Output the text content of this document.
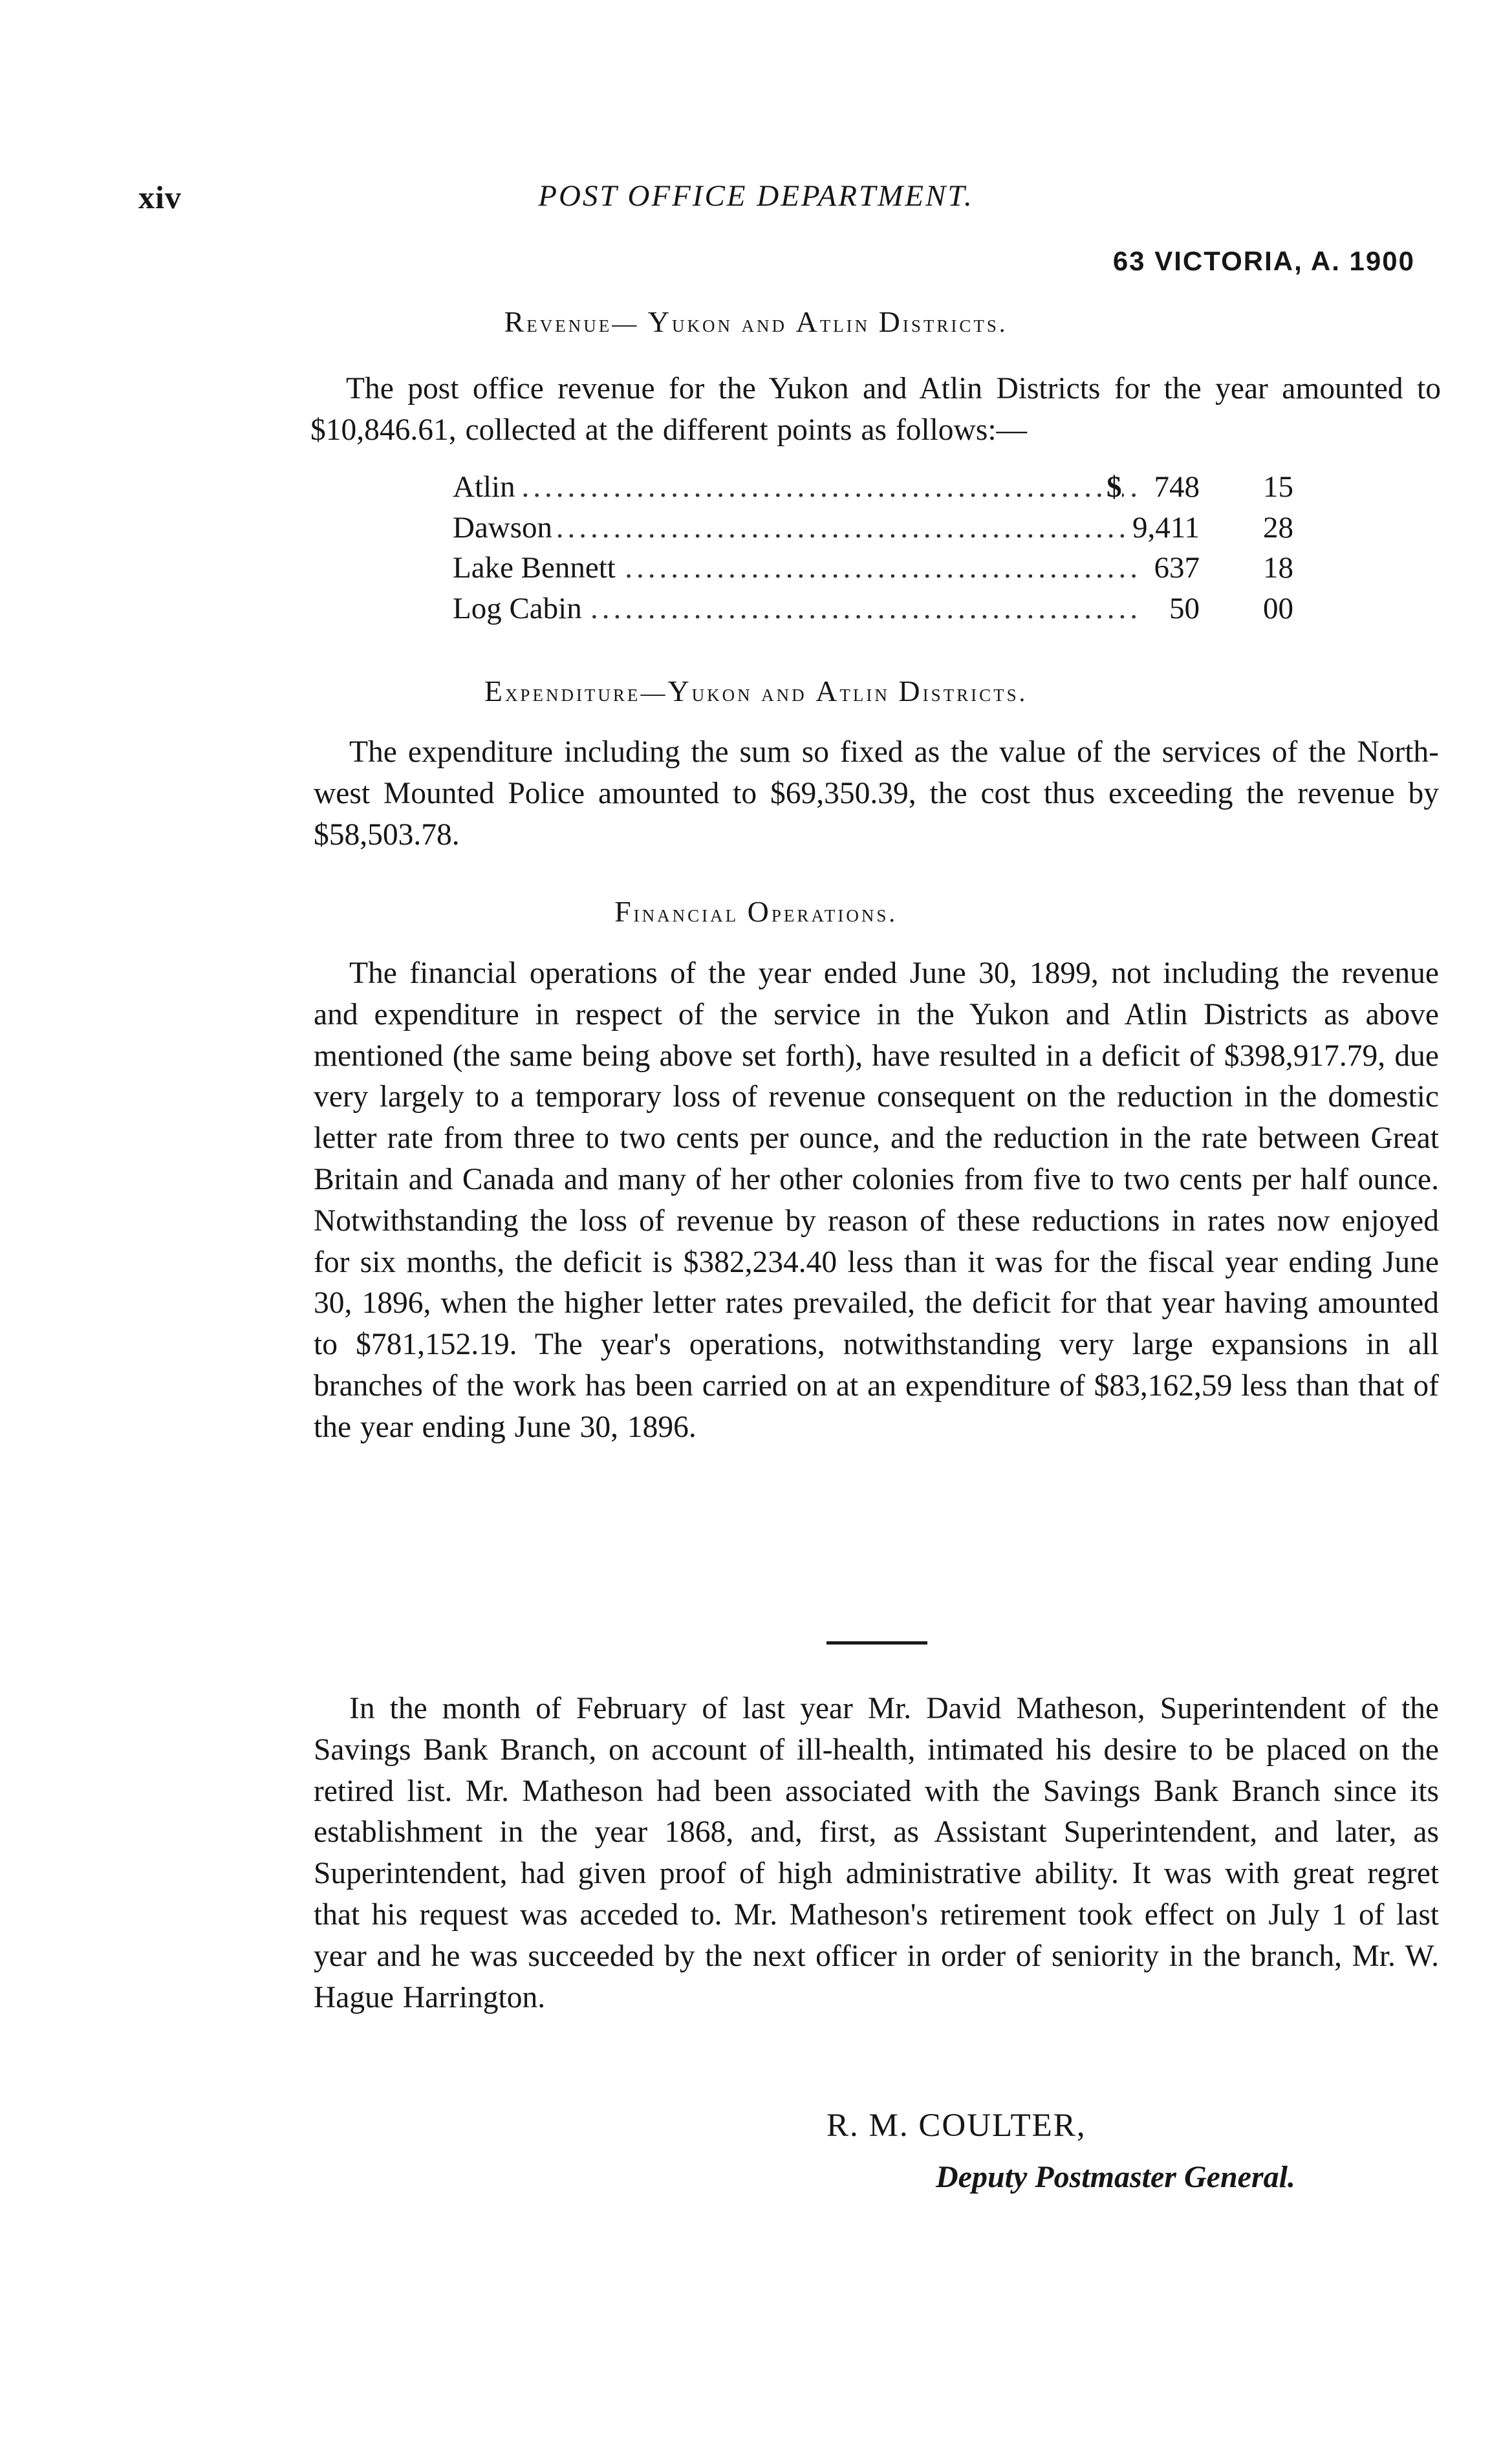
xiv	POST OFFICE DEPARTMENT.
63 VICTORIA, A. 1900
Revenue— Yukon and Atlin Districts.
The post office revenue for the Yukon and Atlin Districts for the year amounted to $10,846.61, collected at the different points as follows:—
.....
Atlin	$ 748	15
.....
Dawson	9,411	28
.....
Lake Bennett	637	18
.....
Log Cabin	50	00
Expenditure—Yukon and Atlin Districts.
The expenditure including the sum so fixed as the value of the services of the North-west Mounted Police amounted to $69,350.39, the cost thus exceeding the revenue by $58,503.78.
Financial Operations.
The financial operations of the year ended June 30, 1899, not including the revenue and expenditure in respect of the service in the Yukon and Atlin Districts as above mentioned (the same being above set forth), have resulted in a deficit of $398,917.79, due very largely to a temporary loss of revenue consequent on the reduction in the domestic letter rate from three to two cents per ounce, and the reduction in the rate between Great Britain and Canada and many of her other colonies from five to two cents per half ounce. Notwithstanding the loss of revenue by reason of these reductions in rates now enjoyed for six months, the deficit is $382,234.40 less than it was for the fiscal year ending June 30, 1896, when the higher letter rates prevailed, the deficit for that year having amounted to $781,152.19. The year's operations, notwithstanding very large expansions in all branches of the work has been carried on at an expenditure of $83,162,59 less than that of the year ending June 30, 1896.
In the month of February of last year Mr. David Matheson, Superintendent of the Savings Bank Branch, on account of ill-health, intimated his desire to be placed on the retired list. Mr. Matheson had been associated with the Savings Bank Branch since its establishment in the year 1868, and, first, as Assistant Superintendent, and later, as Superintendent, had given proof of high administrative ability. It was with great regret that his request was acceded to. Mr. Matheson's retirement took effect on July 1 of last year and he was succeeded by the next officer in order of seniority in the branch, Mr. W. Hague Harrington.
R. M. COULTER,
Deputy Postmaster General.
